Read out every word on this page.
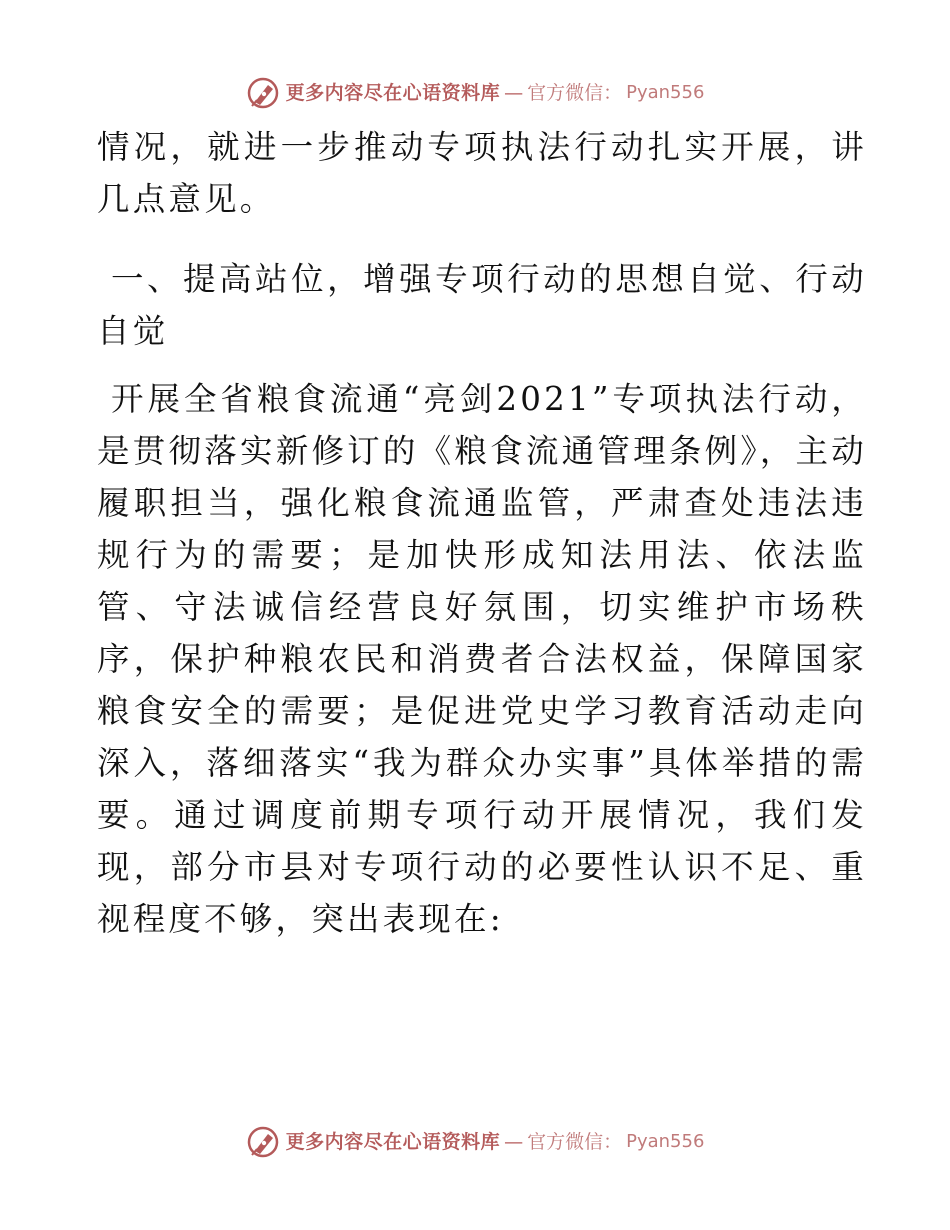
更多内容尽在心语资料库 — 官方微信： Pyan556

情况，就进一步推动专项执法行动扎实开展，讲几点意见。

一、提高站位，增强专项行动的思想自觉、行动自觉

开展全省粮食流通“亮剑2021”专项执法行动，是贯彻落实新修订的《粮食流通管理条例》，主动履职担当，强化粮食流通监管，严肃查处违法违规行为的需要；是加快形成知法用法、依法监管、守法诚信经营良好氛围，切实维护市场秩序，保护种粮农民和消费者合法权益，保障国家粮食安全的需要；是促进党史学习教育活动走向深入，落细落实“我为群众办实事”具体举措的需要。通过调度前期专项行动开展情况，我们发现，部分市县对专项行动的必要性认识不足、重视程度不够，突出表现在:

更多内容尽在心语资料库 — 官方微信： Pyan556
